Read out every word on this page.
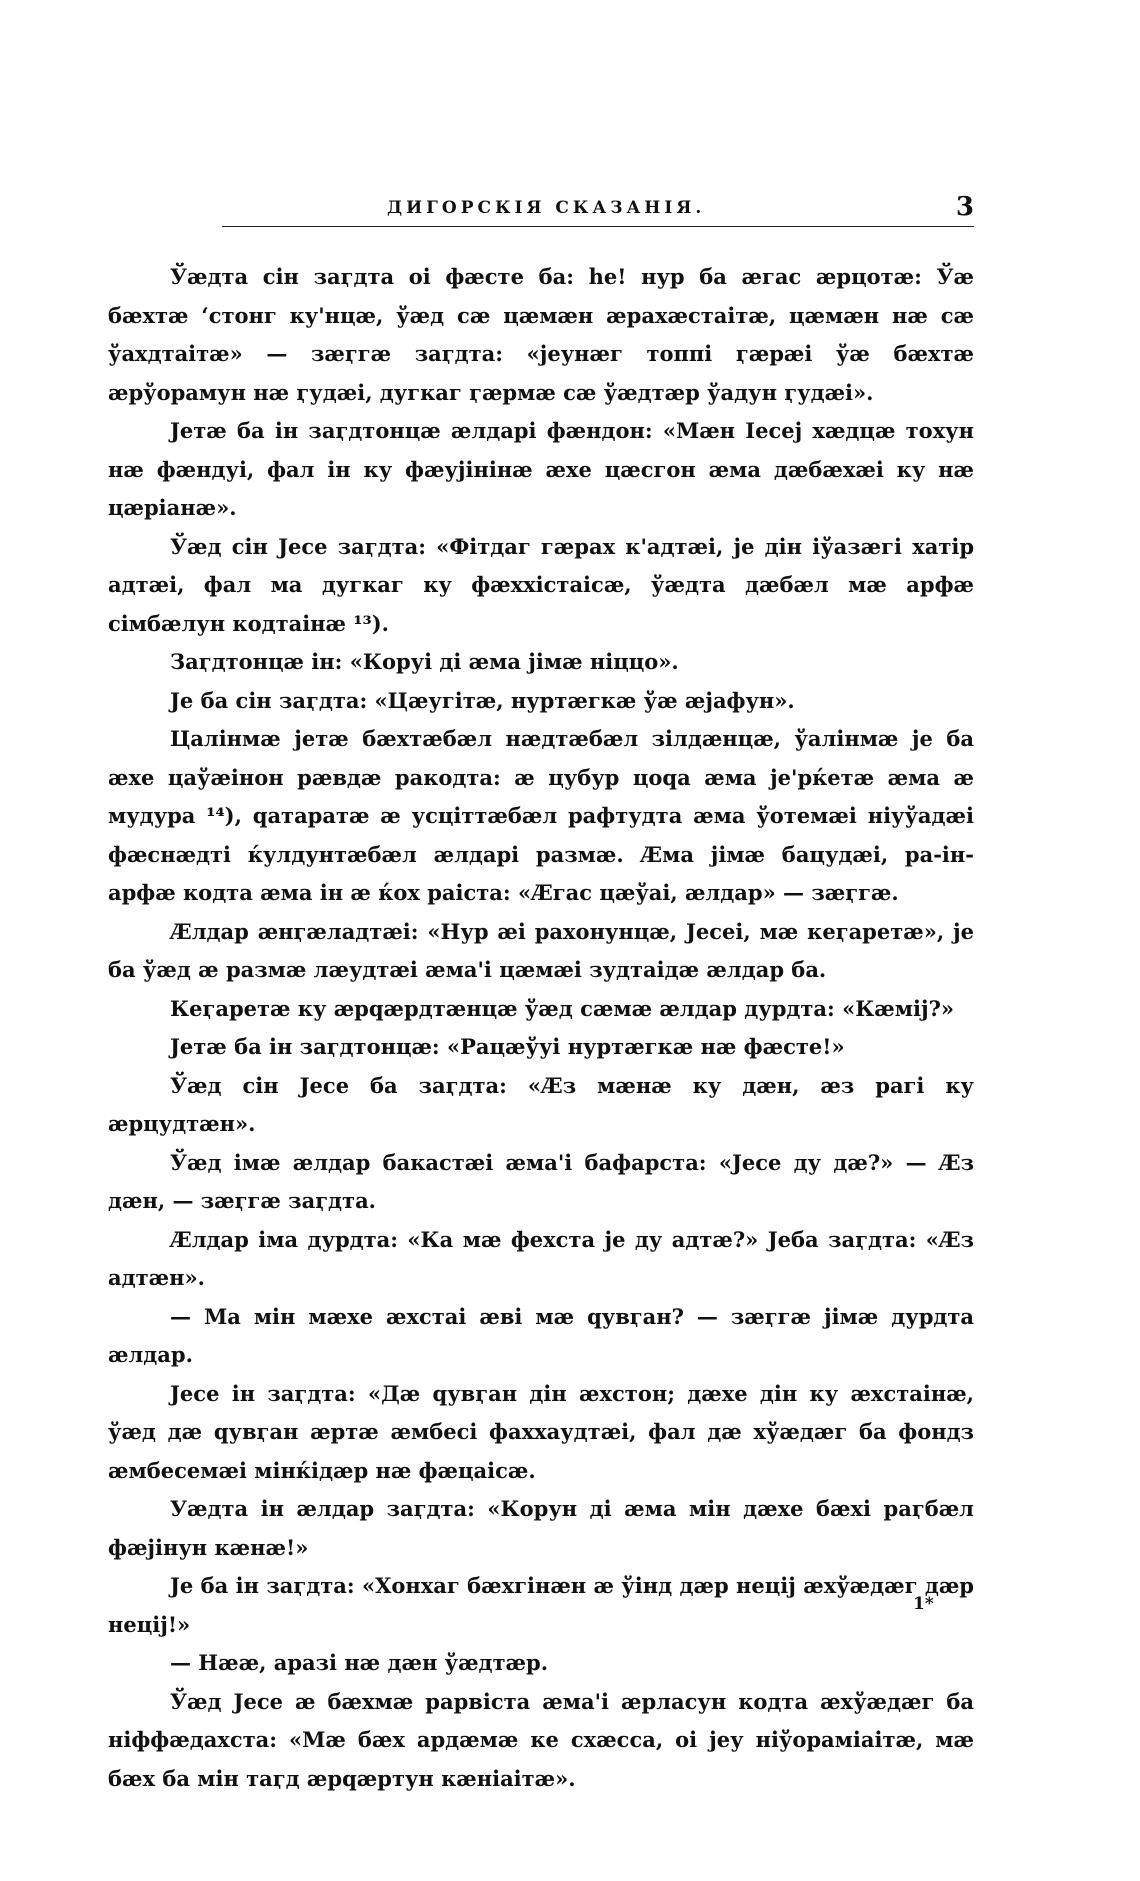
ДИГОРСКІЯ СКАЗАНІЯ.	3

Ўæдта сін заӷдта оі фæсте ба: he! нур ба æгас æрцотæ: Ўæ бæхтæ ʻстонг ку'нцæ, ўæд сæ цæмæн æрахæстаітæ, цæмæн нæ сæ ўахдтаітæ» — зæӷгæ заӷдта: «јеунæг топпі ӷæрæі ўæ бæхтæ æрўорамун нæ ӷудæі, дугкаг ӷæрмæ сæ ўæдтæр ўадун ӷудæі».

Јетæ ба ін заӷдтонцæ æлдарі фæндон: «Мæн Іесеј хæдцæ тохун нæ фæндуі, фал ін ку фæујінінæ æхе цæсгон æма дæбæхæі ку нæ цæріанæ».

Ўæд сін Јесе заӷдта: «Фітдаг гæрах к'адтæі, је дін іўазæгі хатір адтæі, фал ма дугкаг ку фæххістаісæ, ўæдта дæбæл мæ арфæ сімбæлун кодтаінæ ¹³).

Заӷдтонцæ ін: «Коруі ді æма јімæ ніццо».

Је ба сін заӷдта: «Цæугітæ, нуртæгкæ ўæ æјафун».

Цалінмæ јетæ бæхтæбæл нæдтæбæл зілдæнцæ, ўалінмæ је ба æхе цаўæінон рæвдæ ракодта: æ цубур цоqа æма је'рќетæ æма æ мудура ¹⁴), qатаратæ æ усціттæбæл рафтудта æма ўотемæі ніуўадæі фæснæдті ќулдунтæбæл æлдарі размæ. Æма јімæ бацудæі, ра-ін-арфæ кодта æма ін æ ќох раіста: «Ӕгас цæўаі, æлдар» — зæӷгæ.

Ӕлдар æнӷæладтæі: «Нур æі рахонунцæ, Јесеі, мæ кеӷаретæ», је ба ўæд æ размæ лæудтæі æма'і цæмæі зудтаідæ æлдар ба.

Кеӷаретæ ку æрqæрдтæнцæ ўæд сæмæ æлдар дурдта: «Кæміј?»

Јетæ ба ін заӷдтонцæ: «Рацæўуі нуртæгкæ нæ фæсте!»

Ўæд сін Јесе ба заӷдта: «Ӕз мæнæ ку дæн, æз рагі ку æрцудтæн».

Ўæд імæ æлдар бакастæі æма'і бафарста: «Јесе ду дæ?» — Ӕз дæн, — зæӷгæ заӷдта.

Ӕлдар іма дурдта: «Ка мæ фехста је ду адтæ?» Јеба заӷдта: «Ӕз адтæн».

— Ма мін мæхе æхстаі æві мæ qувӷан? — зæӷгæ јімæ дурдта æлдар.

Јесе ін заӷдта: «Дæ qувӷан дін æхстон; дæхе дін ку æхстаінæ, ўæд дæ qувӷан æртæ æмбесі фаххаудтæі, фал дæ хўæдæг ба фондз æмбесемæі мінќідæр нæ фæцаісæ.

Уæдта ін æлдар заӷдта: «Корун ді æма мін дæхе бæхі раӷбæл фæјінун кæнæ!»

Је ба ін заӷдта: «Хонхаг бæхгінæн æ ўінд дæр неціј æхўæдæг дæр неціј!»

— Нææ, аразі нæ дæн ўæдтæр.

Ўæд Јесе æ бæхмæ рарвіста æма'і æрласун кодта æхўæдæг ба ніффæдахста: «Мæ бæх ардæмæ ке схæсса, оі јеу ніўораміаітæ, мæ бæх ба мін таӷд æрqæртун кæніаітæ».

1*
